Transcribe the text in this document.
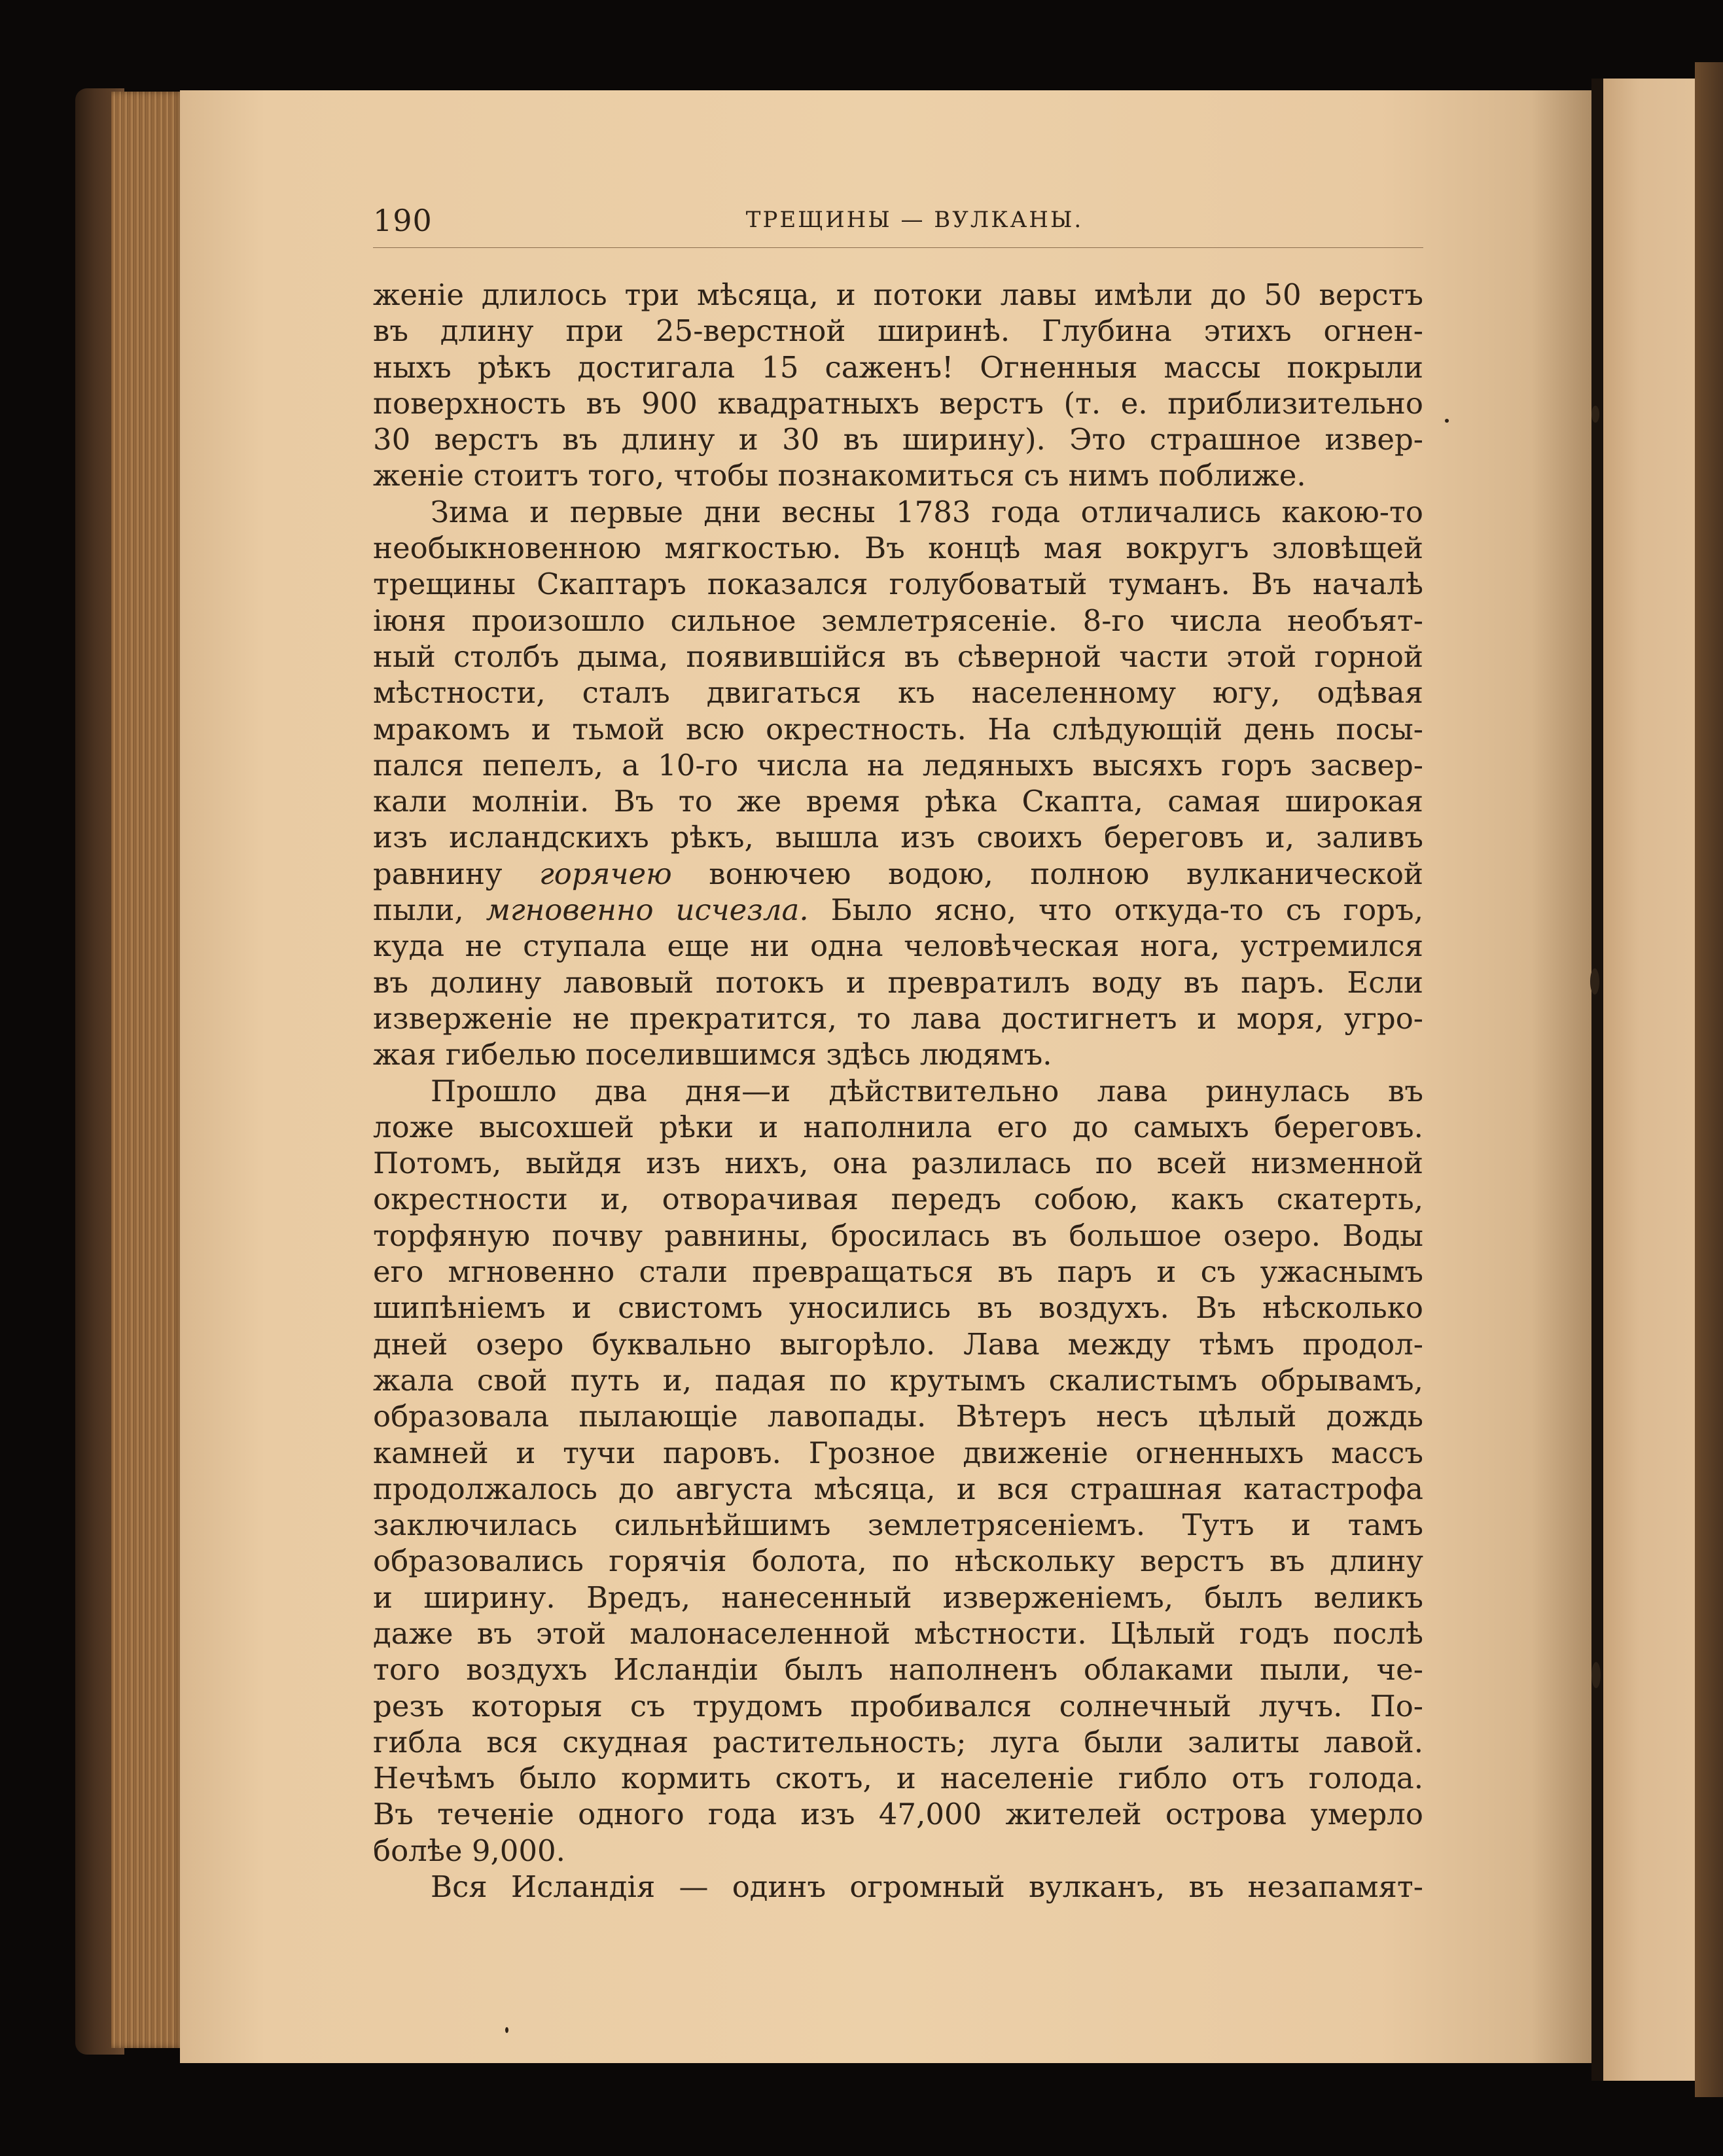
190	ТРЕЩИНЫ — ВУЛКАНЫ.
женіе длилось три мѣсяца, и потоки лавы имѣли до 50 верстъ
въ длину при 25-верстной ширинѣ. Глубина этихъ огнен-
ныхъ рѣкъ достигала 15 саженъ! Огненныя массы покрыли
поверхность въ 900 квадратныхъ верстъ (т. е. приблизительно
30 верстъ въ длину и 30 въ ширину). Это страшное извер-
женіе стоитъ того, чтобы познакомиться съ нимъ поближе.
Зима и первые дни весны 1783 года отличались какою-то
необыкновенною мягкостью. Въ концѣ мая вокругъ зловѣщей
трещины Скаптаръ показался голубоватый туманъ. Въ началѣ
іюня произошло сильное землетрясеніе. 8-го числа необъят-
ный столбъ дыма, появившійся въ сѣверной части этой горной
мѣстности, сталъ двигаться къ населенному югу, одѣвая
мракомъ и тьмой всю окрестность. На слѣдующій день посы-
пался пепелъ, а 10-го числа на ледяныхъ высяхъ горъ засвер-
кали молніи. Въ то же время рѣка Скапта, самая широкая
изъ исландскихъ рѣкъ, вышла изъ своихъ береговъ и, заливъ
равнину горячею вонючею водою, полною вулканической
пыли, мгновенно исчезла. Было ясно, что откуда-то съ горъ,
куда не ступала еще ни одна человѣческая нога, устремился
въ долину лавовый потокъ и превратилъ воду въ паръ. Если
изверженіе не прекратится, то лава достигнетъ и моря, угро-
жая гибелью поселившимся здѣсь людямъ.
Прошло два дня—и дѣйствительно лава ринулась въ
ложе высохшей рѣки и наполнила его до самыхъ береговъ.
Потомъ, выйдя изъ нихъ, она разлилась по всей низменной
окрестности и, отворачивая передъ собою, какъ скатерть,
торфяную почву равнины, бросилась въ большое озеро. Воды
его мгновенно стали превращаться въ паръ и съ ужаснымъ
шипѣніемъ и свистомъ уносились въ воздухъ. Въ нѣсколько
дней озеро буквально выгорѣло. Лава между тѣмъ продол-
жала свой путь и, падая по крутымъ скалистымъ обрывамъ,
образовала пылающіе лавопады. Вѣтеръ несъ цѣлый дождь
камней и тучи паровъ. Грозное движеніе огненныхъ массъ
продолжалось до августа мѣсяца, и вся страшная катастрофа
заключилась сильнѣйшимъ землетрясеніемъ. Тутъ и тамъ
образовались горячія болота, по нѣскольку верстъ въ длину
и ширину. Вредъ, нанесенный изверженіемъ, былъ великъ
даже въ этой малонаселенной мѣстности. Цѣлый годъ послѣ
того воздухъ Исландіи былъ наполненъ облаками пыли, че-
резъ которыя съ трудомъ пробивался солнечный лучъ. По-
гибла вся скудная растительность; луга были залиты лавой.
Нечѣмъ было кормить скотъ, и населеніе гибло отъ голода.
Въ теченіе одного года изъ 47,000 жителей острова умерло
болѣе 9,000.
Вся Исландія — одинъ огромный вулканъ, въ незапамят-
